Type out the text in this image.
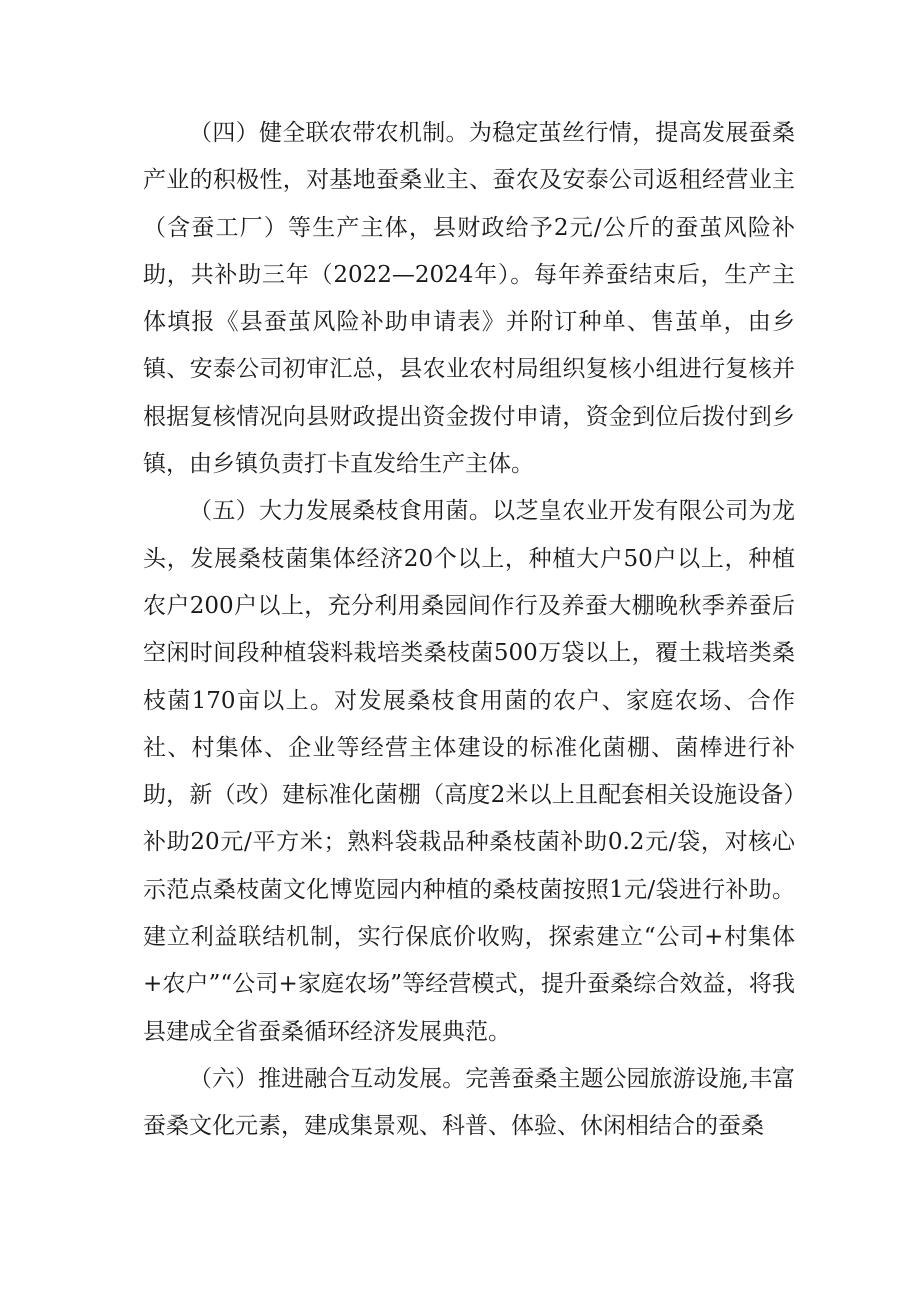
（四）健全联农带农机制。为稳定茧丝行情，提高发展蚕桑产业的积极性，对基地蚕桑业主、蚕农及安泰公司返租经营业主（含蚕工厂）等生产主体，县财政给予2元/公斤的蚕茧风险补助，共补助三年（2022—2024年）。每年养蚕结束后，生产主体填报《县蚕茧风险补助申请表》并附订种单、售茧单，由乡镇、安泰公司初审汇总，县农业农村局组织复核小组进行复核并根据复核情况向县财政提出资金拨付申请，资金到位后拨付到乡镇，由乡镇负责打卡直发给生产主体。

（五）大力发展桑枝食用菌。以芝皇农业开发有限公司为龙头，发展桑枝菌集体经济20个以上，种植大户50户以上，种植农户200户以上，充分利用桑园间作行及养蚕大棚晚秋季养蚕后空闲时间段种植袋料栽培类桑枝菌500万袋以上，覆土栽培类桑枝菌170亩以上。对发展桑枝食用菌的农户、家庭农场、合作社、村集体、企业等经营主体建设的标准化菌棚、菌棒进行补助，新（改）建标准化菌棚（高度2米以上且配套相关设施设备）补助20元/平方米；熟料袋栽品种桑枝菌补助0.2元/袋，对核心示范点桑枝菌文化博览园内种植的桑枝菌按照1元/袋进行补助。建立利益联结机制，实行保底价收购，探索建立“公司+村集体+农户”“公司+家庭农场”等经营模式，提升蚕桑综合效益，将我县建成全省蚕桑循环经济发展典范。

（六）推进融合互动发展。完善蚕桑主题公园旅游设施,丰富蚕桑文化元素，建成集景观、科普、体验、休闲相结合的蚕桑
